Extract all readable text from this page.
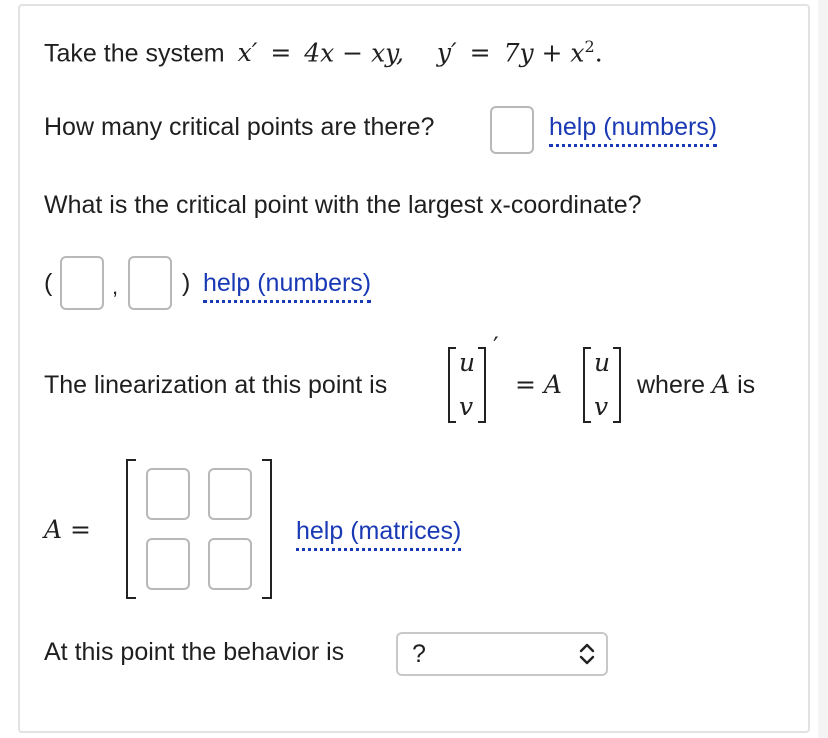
Take the system x′ = 4x − xy, $y' = 7y + x^2$.
How many critical points are there?	help (numbers)
What is the critical point with the largest x-coordinate?
(	,	) help (numbers)
The linearization at this point is
u
v
′
= A
u
v
where A is
A =	help (matrices)
At this point the behavior is	?
